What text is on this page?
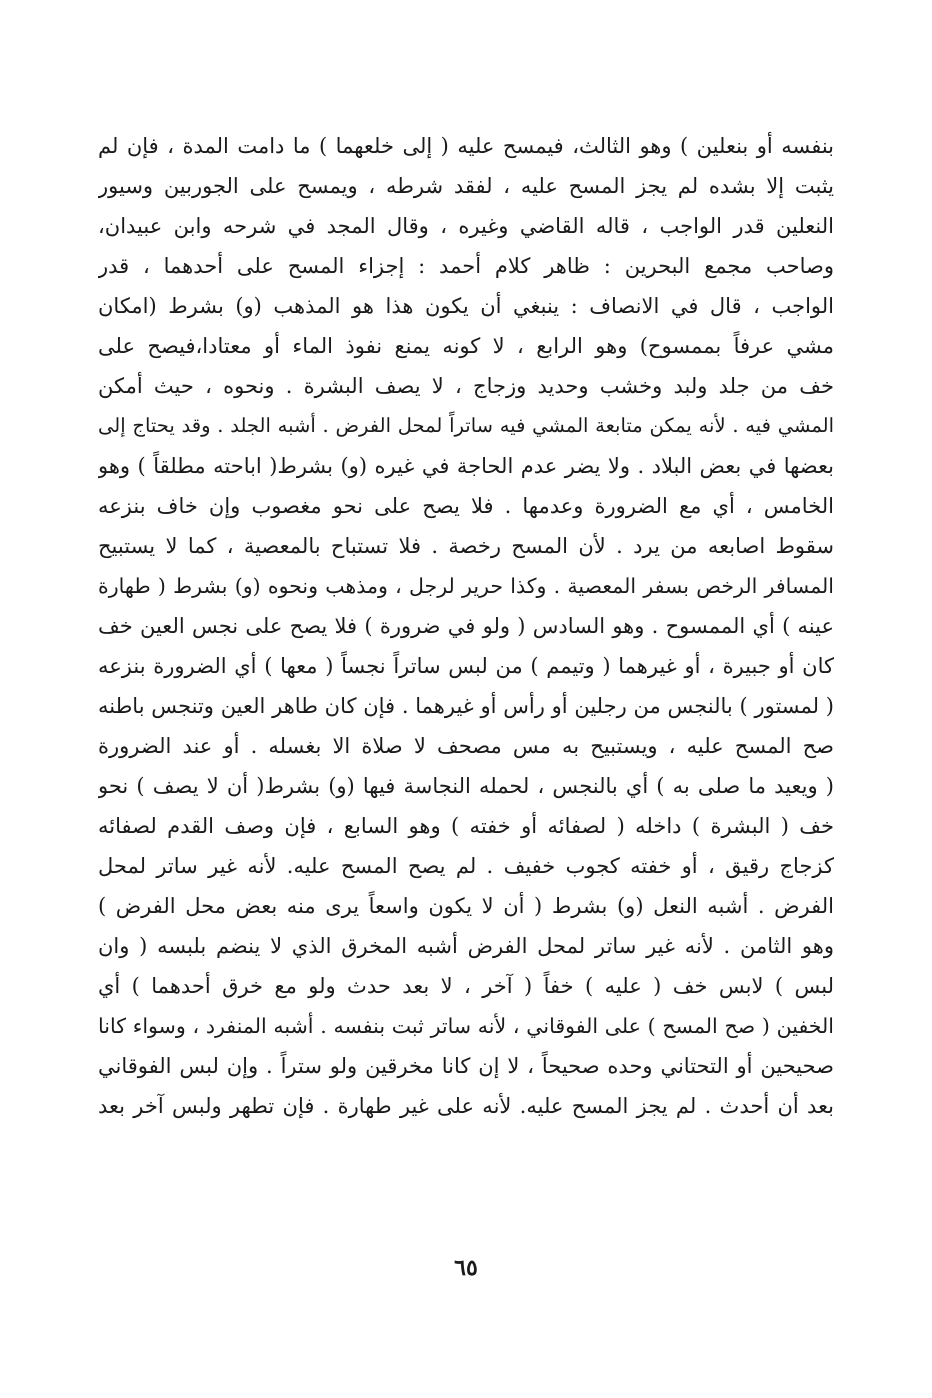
بنفسه أو بنعلين ) وهو الثالث، فيمسح عليه ( إلى خلعهما ) ما دامت المدة ، فإن لم
يثبت إلا بشده لم يجز المسح عليه ، لفقد شرطه ، ويمسح على الجوربين وسيور
النعلين قدر الواجب ، قاله القاضي وغيره ، وقال المجد في شرحه وابن عبيدان،
وصاحب مجمع البحرين : ظاهر كلام أحمد : إجزاء المسح على أحدهما ، قدر
الواجب ، قال في الانصاف : ينبغي أن يكون هذا هو المذهب (و) بشرط (امكان
مشي عرفاً بممسوح) وهو الرابع ، لا كونه يمنع نفوذ الماء أو معتادا،فيصح على
خف من جلد ولبد وخشب وحديد وزجاج ، لا يصف البشرة . ونحوه ، حيث أمكن
المشي فيه . لأنه يمكن متابعة المشي فيه ساتراً لمحل الفرض . أشبه الجلد . وقد يحتاج إلى
بعضها في بعض البلاد . ولا يضر عدم الحاجة في غيره (و) بشرط( اباحته مطلقاً ) وهو
الخامس ، أي مع الضرورة وعدمها . فلا يصح على نحو مغصوب وإن خاف بنزعه
سقوط اصابعه من يرد . لأن المسح رخصة . فلا تستباح بالمعصية ، كما لا يستبيح
المسافر الرخص بسفر المعصية . وكذا حرير لرجل ، ومذهب ونحوه (و) بشرط ( طهارة
عينه ) أي الممسوح . وهو السادس ( ولو في ضرورة ) فلا يصح على نجس العين خف
كان أو جبيرة ، أو غيرهما ( وتيمم ) من لبس ساتراً نجساً ( معها ) أي الضرورة بنزعه
( لمستور ) بالنجس من رجلين أو رأس أو غيرهما . فإن كان طاهر العين وتنجس باطنه
صح المسح عليه ، ويستبيح به مس مصحف لا صلاة الا بغسله . أو عند الضرورة
( ويعيد ما صلى به ) أي بالنجس ، لحمله النجاسة فيها (و) بشرط( أن لا يصف ) نحو
خف ( البشرة ) داخله ( لصفائه أو خفته ) وهو السابع ، فإن وصف القدم لصفائه
كزجاج رقيق ، أو خفته كجوب خفيف . لم يصح المسح عليه. لأنه غير ساتر لمحل
الفرض . أشبه النعل (و) بشرط ( أن لا يكون واسعاً يرى منه بعض محل الفرض )
وهو الثامن . لأنه غير ساتر لمحل الفرض أشبه المخرق الذي لا ينضم بلبسه ( وان
لبس ) لابس خف ( عليه ) خفاً ( آخر ، لا بعد حدث ولو مع خرق أحدهما ) أي
الخفين ( صح المسح ) على الفوقاني ، لأنه ساتر ثبت بنفسه . أشبه المنفرد ، وسواء كانا
صحيحين أو التحتاني وحده صحيحاً ، لا إن كانا مخرقين ولو ستراً . وإن لبس الفوقاني
بعد أن أحدث . لم يجز المسح عليه. لأنه على غير طهارة . فإن تطهر ولبس آخر بعد
٦٥
